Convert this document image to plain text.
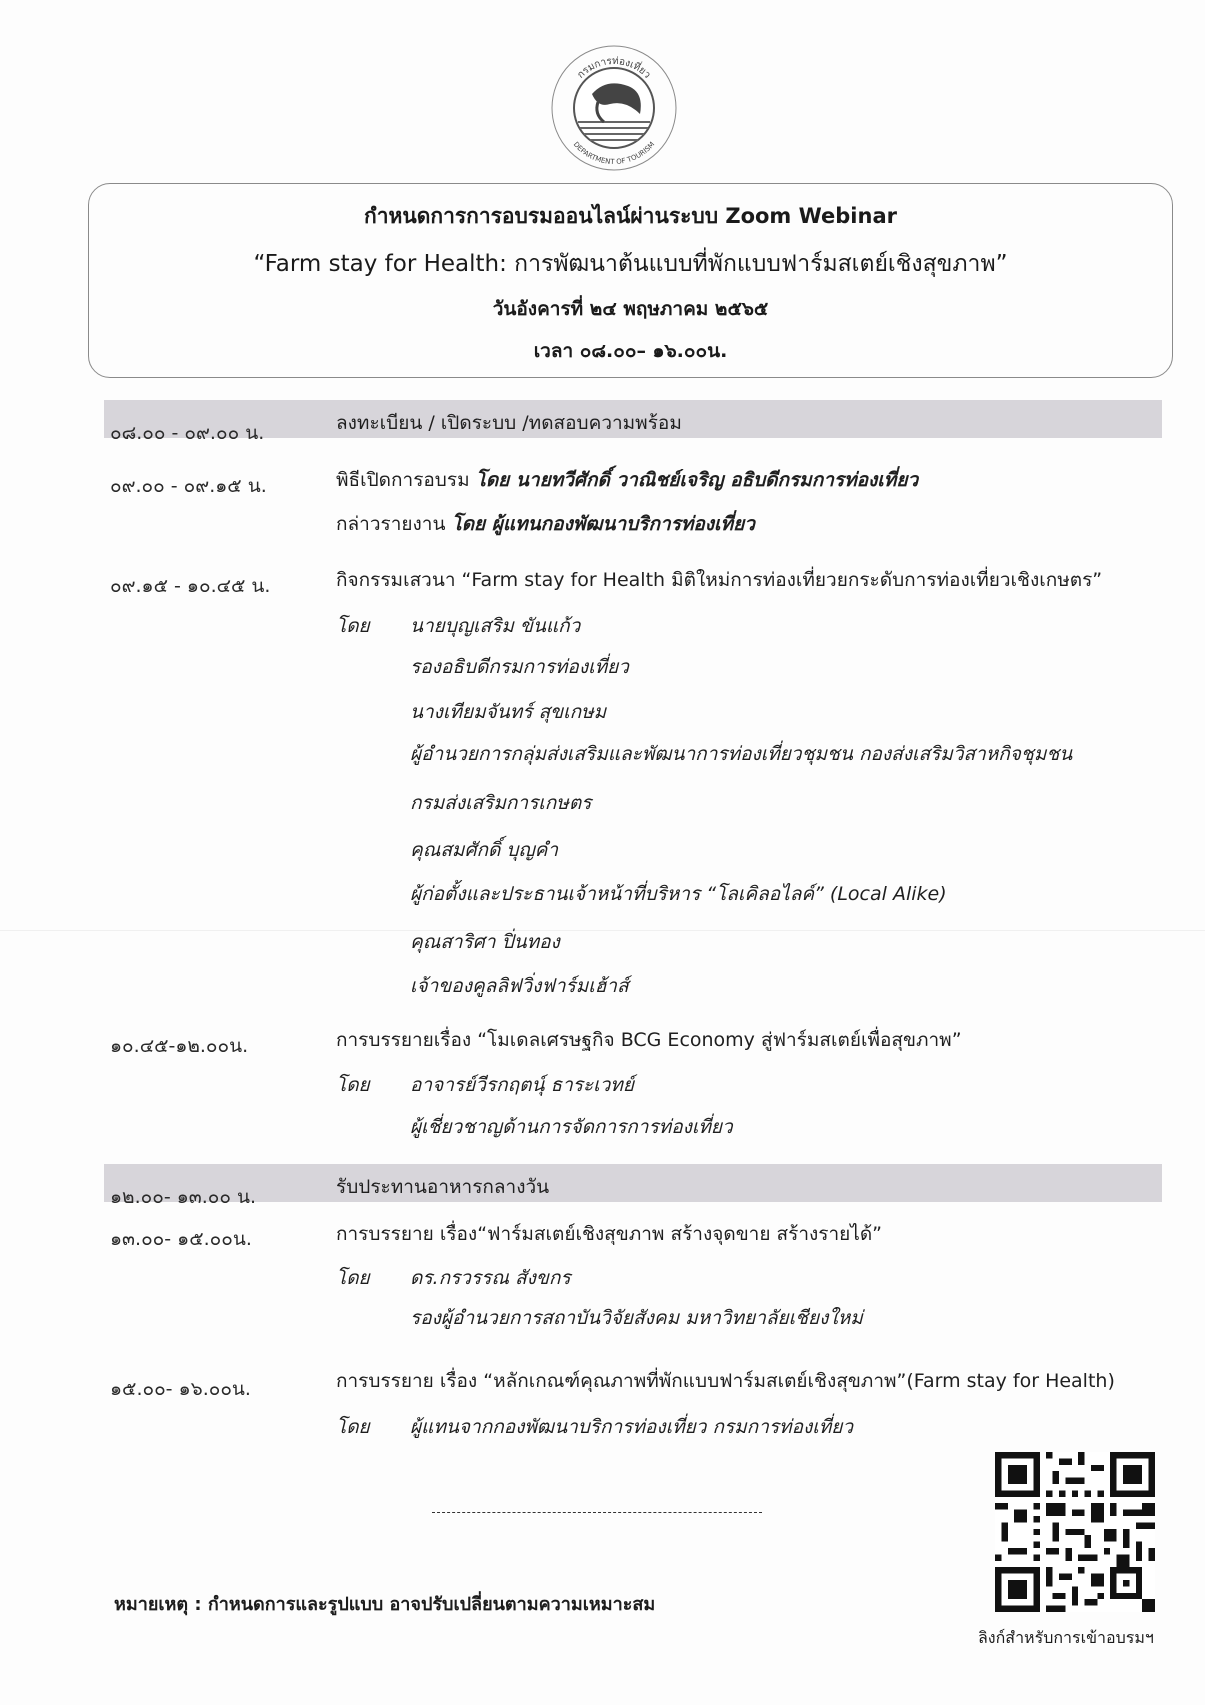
กรมการท่องเที่ยว
DEPARTMENT OF TOURISM
กำหนดการการอบรมออนไลน์ผ่านระบบ Zoom Webinar
“Farm stay for Health: การพัฒนาต้นแบบที่พักแบบฟาร์มสเตย์เชิงสุขภาพ”
วันอังคารที่ ๒๔ พฤษภาคม ๒๕๖๕
เวลา ๐๘.๐๐– ๑๖.๐๐น.
๐๘.๐๐ - ๐๙.๐๐ น.	ลงทะเบียน / เปิดระบบ /ทดสอบความพร้อม
๐๙.๐๐ - ๐๙.๑๕ น.	พิธีเปิดการอบรม โดย นายทวีศักดิ์ วาณิชย์เจริญ อธิบดีกรมการท่องเที่ยว
กล่าวรายงาน โดย ผู้แทนกองพัฒนาบริการท่องเที่ยว
๐๙.๑๕ - ๑๐.๔๕ น.	กิจกรรมเสวนา “Farm stay for Health มิติใหม่การท่องเที่ยวยกระดับการท่องเที่ยวเชิงเกษตร”
โดย นายบุญเสริม ขันแก้ว
รองอธิบดีกรมการท่องเที่ยว
นางเทียมจันทร์ สุขเกษม
ผู้อำนวยการกลุ่มส่งเสริมและพัฒนาการท่องเที่ยวชุมชน กองส่งเสริมวิสาหกิจชุมชน
กรมส่งเสริมการเกษตร
คุณสมศักดิ์ บุญคำ
ผู้ก่อตั้งและประธานเจ้าหน้าที่บริหาร “โลเคิลอไลค์” (Local Alike)
คุณสาริศา ปิ่นทอง
เจ้าของคูลลิฟวิ่งฟาร์มเฮ้าส์
๑๐.๔๕-๑๒.๐๐น.	การบรรยายเรื่อง “โมเดลเศรษฐกิจ BCG Economy สู่ฟาร์มสเตย์เพื่อสุขภาพ”
โดย อาจารย์วีรกฤตนุ์ ธาระเวทย์
ผู้เชี่ยวชาญด้านการจัดการการท่องเที่ยว
๑๒.๐๐- ๑๓.๐๐ น.	รับประทานอาหารกลางวัน
๑๓.๐๐- ๑๕.๐๐น.	การบรรยาย เรื่อง“ฟาร์มสเตย์เชิงสุขภาพ สร้างจุดขาย สร้างรายได้”
โดย ดร.กรวรรณ สังขกร
รองผู้อำนวยการสถาบันวิจัยสังคม มหาวิทยาลัยเชียงใหม่
๑๕.๐๐- ๑๖.๐๐น.	การบรรยาย เรื่อง “หลักเกณฑ์คุณภาพที่พักแบบฟาร์มสเตย์เชิงสุขภาพ”(Farm stay for Health)
โดย ผู้แทนจากกองพัฒนาบริการท่องเที่ยว กรมการท่องเที่ยว
หมายเหตุ : กำหนดการและรูปแบบ อาจปรับเปลี่ยนตามความเหมาะสม
ลิงก์สำหรับการเข้าอบรมฯ
